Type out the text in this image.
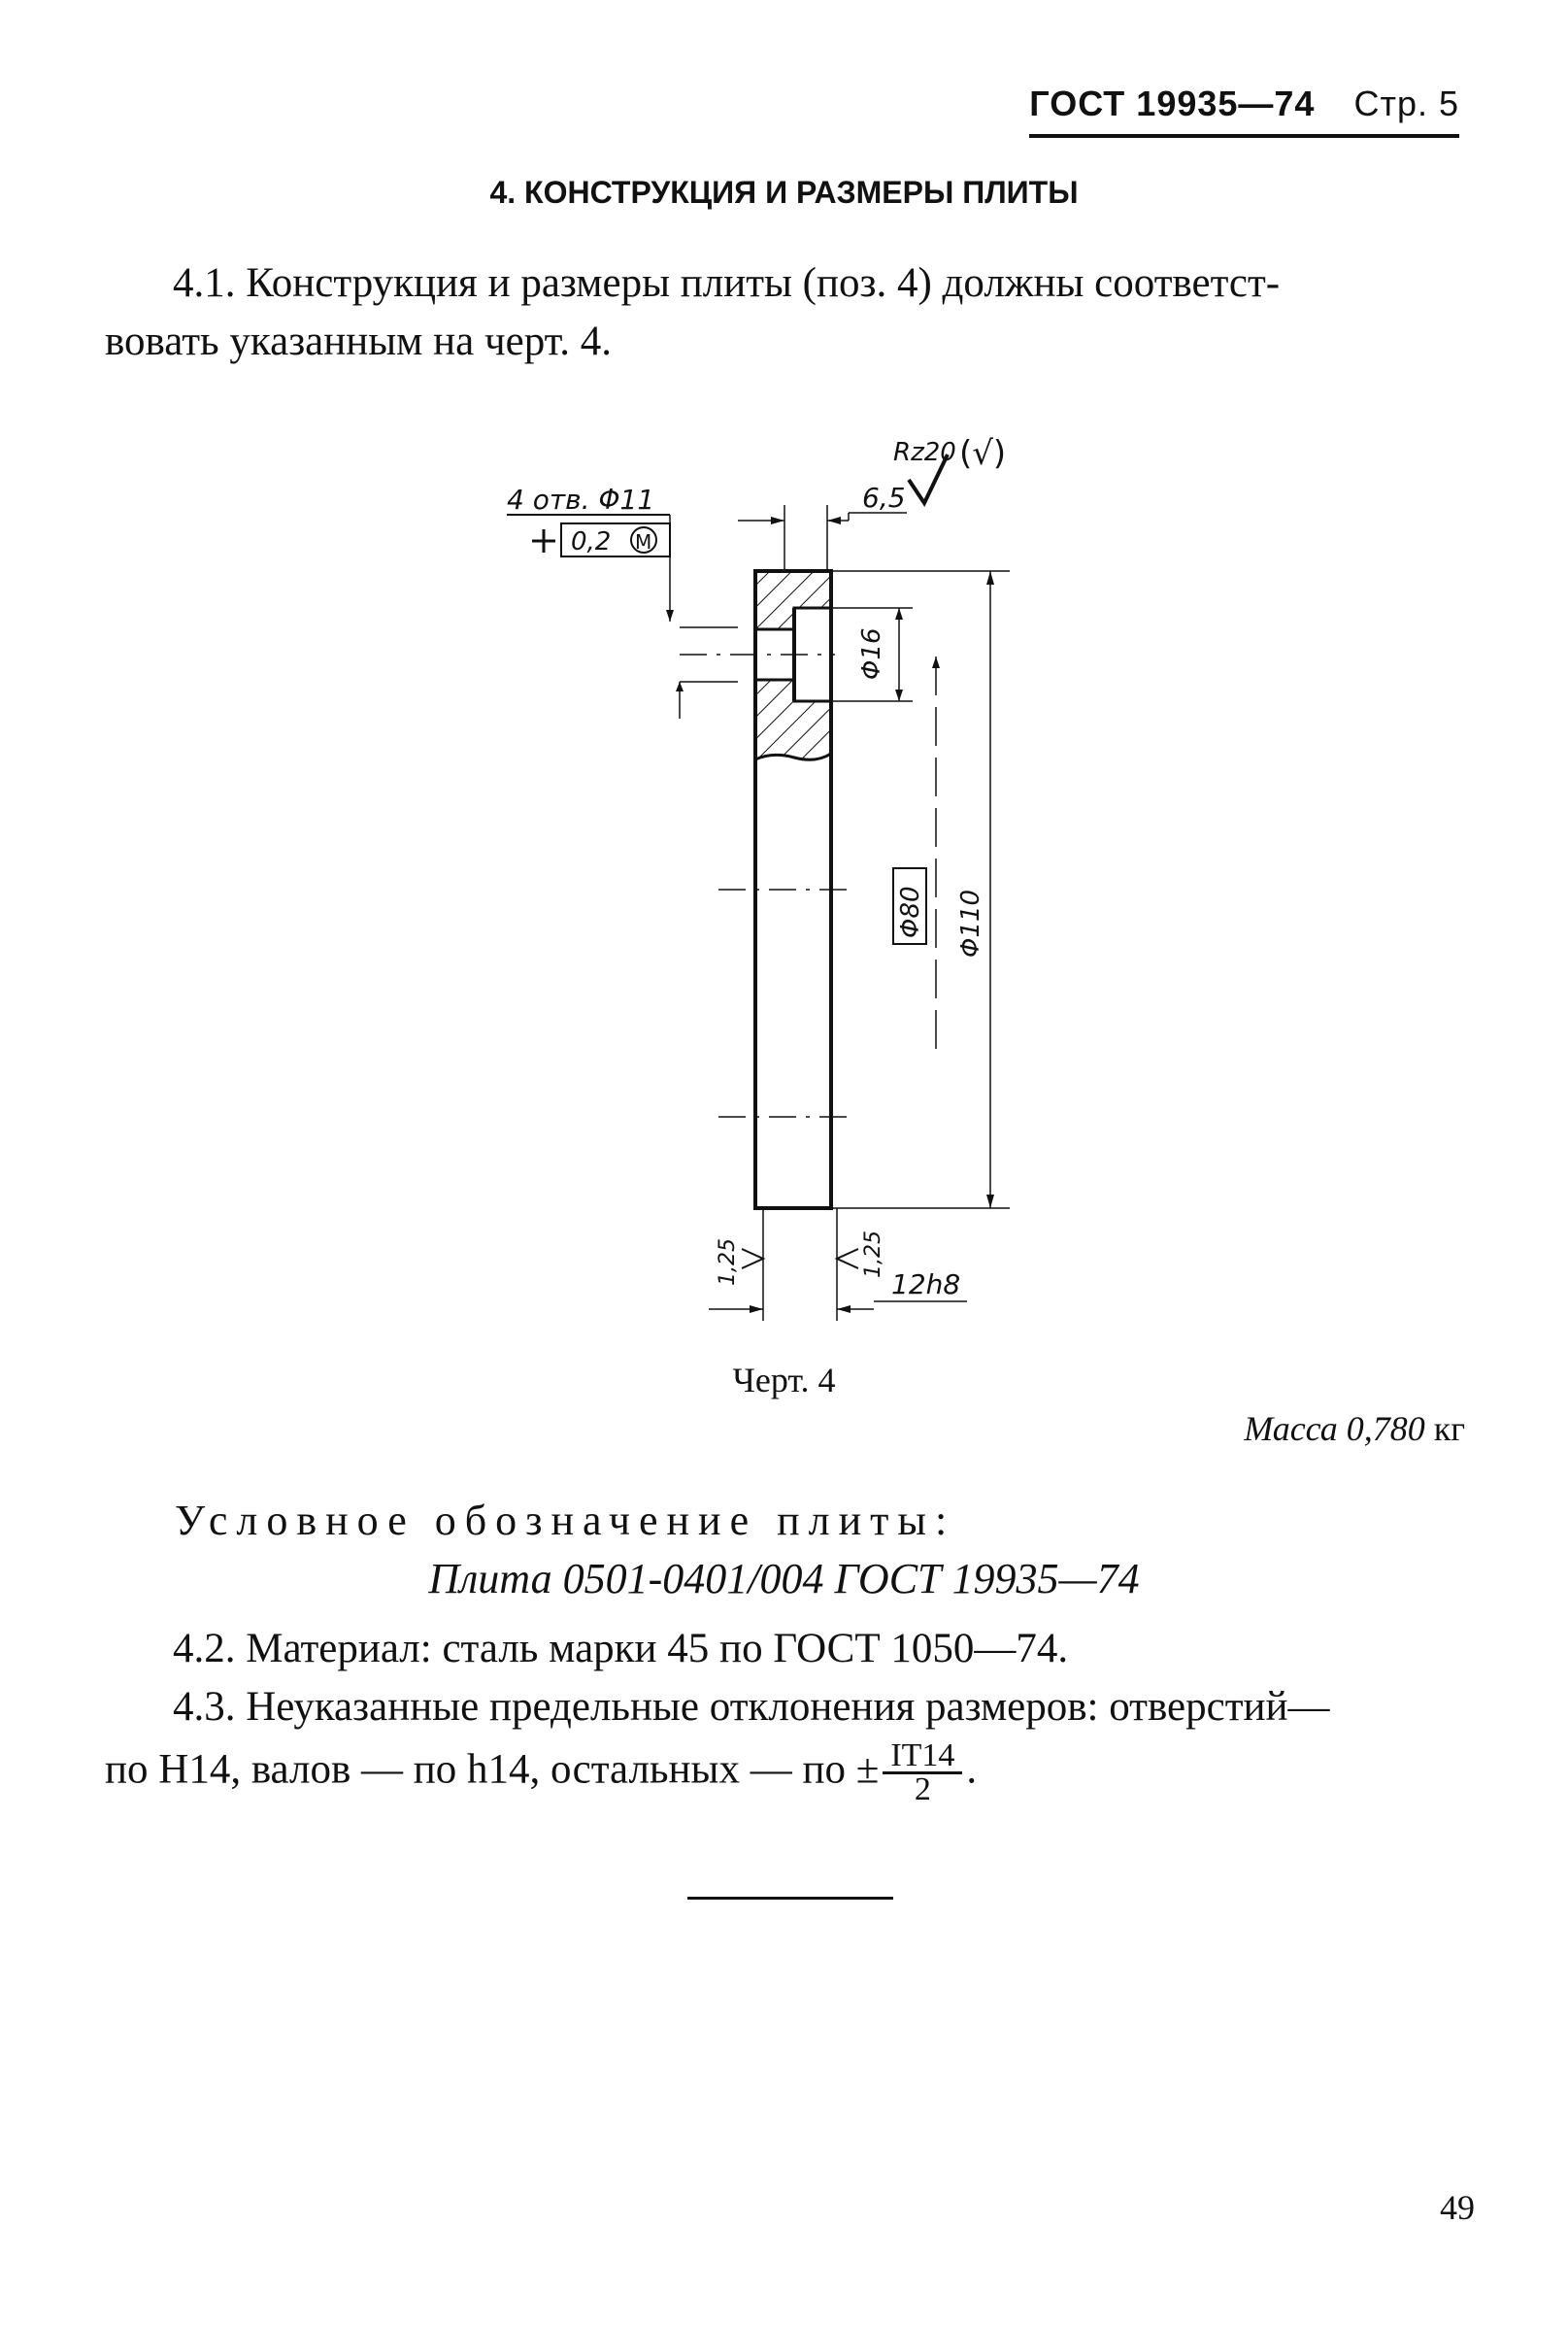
ГОСТ 19935—74 Стр. 5
4. КОНСТРУКЦИЯ И РАЗМЕРЫ ПЛИТЫ
4.1. Конструкция и размеры плиты (поз. 4) должны соответст-
вовать указанным на черт. 4.
Rz20 (√)
4 отв. Φ11
0,2 M
6,5
Φ16
Φ80 Φ110
1,25	1,25
12h8
Черт. 4
Масса 0,780 кг
Условное обозначение плиты:
Плита 0501-0401/004 ГОСТ 19935—74
4.2. Материал: сталь марки 45 по ГОСТ 1050—74.
4.3. Неуказанные предельные отклонения размеров: отверстий—
по H14, валов — по h14, остальных — по ± $\frac{IT14}{2}$ .
49
